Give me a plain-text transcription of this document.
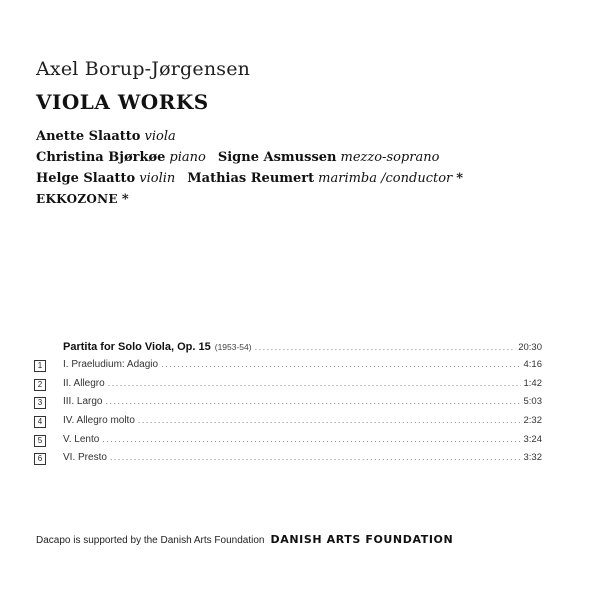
Axel Borup-Jørgensen
VIOLA WORKS
Anette Slaatto viola
Christina Bjørkøe piano Signe Asmussen mezzo-soprano
Helge Slaatto violin Mathias Reumert marimba /conductor *
EKKOZONE *
Partita for Solo Viola, Op. 15 (1953-54) .....	20:30
1	I. Praeludium: Adagio .....	4:16
2	II. Allegro .....	1:42
3	III. Largo .....	5:03
4	IV. Allegro molto .....	2:32
5	V. Lento .....	3:24
6	VI. Presto .....	3:32
Dacapo is supported by the Danish Arts Foundation DANISH ARTS FOUNDATION
